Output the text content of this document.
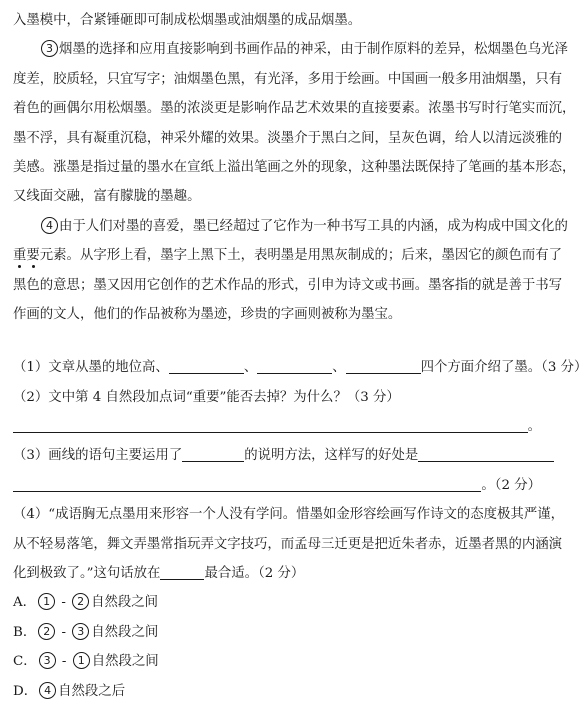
入墨模中，合紧锤砸即可制成松烟墨或油烟墨的成品烟墨。
3 烟墨的选择和应用直接影响到书画作品的神采，由于制作原料的差异，松烟墨色乌光泽
度差，胶质轻，只宜写字；油烟墨色黑，有光泽，多用于绘画。中国画一般多用油烟墨，只有
着色的画偶尔用松烟墨。墨的浓淡更是影响作品艺术效果的直接要素。浓墨书写时行笔实而沉，
墨不浮，具有凝重沉稳，神采外耀的效果。淡墨介于黑白之间，呈灰色调，给人以清远淡雅的
美感。涨墨是指过量的墨水在宣纸上溢出笔画之外的现象，这种墨法既保持了笔画的基本形态，
又线面交融，富有朦胧的墨趣。
4 由于人们对墨的喜爱，墨已经超过了它作为一种书写工具的内涵，成为构成中国文化的
重要元素。从字形上看，墨字上黑下土，表明墨是用黑灰制成的；后来，墨因它的颜色而有了
黑色的意思；墨又因用它创作的艺术作品的形式，引申为诗文或书画。墨客指的就是善于书写
作画的文人，他们的作品被称为墨迹，珍贵的字画则被称为墨宝。
（1）文章从墨的地位高、	、	、	四个方面介绍了墨。（3 分）
（2）文中第 4 自然段加点词“重要”能否去掉？为什么？（3 分）
。
（3）画线的语句主要运用了	的说明方法，这样写的好处是
。（2 分）
（4）“成语胸无点墨用来形容一个人没有学问。惜墨如金形容绘画写作诗文的态度极其严谨，
从不轻易落笔，舞文弄墨常指玩弄文字技巧，而孟母三迁更是把近朱者赤，近墨者黑的内涵演
化到极致了。”这句话放在	最合适。（2 分）
A． 1 - 2 自然段之间
B． 2 - 3 自然段之间
C． 3 - 1 自然段之间
D． 4 自然段之后
